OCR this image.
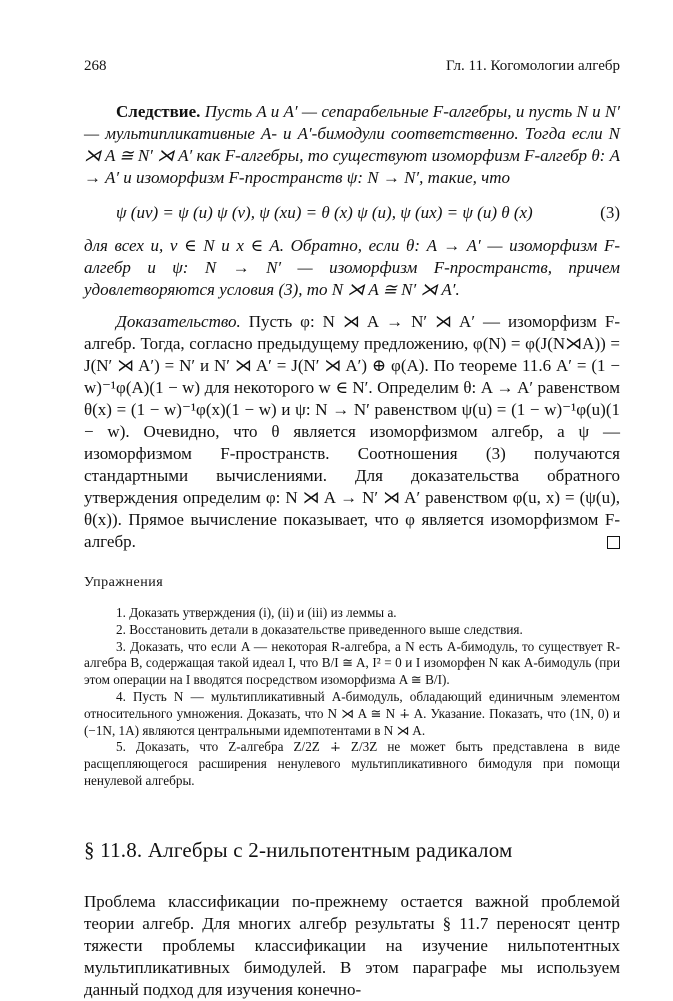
268	Гл. 11. Когомологии алгебр

Следствие. Пусть A и A′ — сепарабельные F-алгебры, и пусть N и N′ — мультипликативные A- и A′-бимодули соответственно. Тогда если N ⋊ A ≅ N′ ⋊ A′ как F-алгебры, то существуют изоморфизм F-алгебр θ: A → A′ и изоморфизм F-пространств ψ: N → N′, такие, что

ψ (uv) = ψ (u) ψ (v), ψ (xu) = θ (x) ψ (u), ψ (ux) = ψ (u) θ (x)	(3)

для всех u, v ∈ N и x ∈ A. Обратно, если θ: A → A′ — изоморфизм F-алгебр и ψ: N → N′ — изоморфизм F-пространств, причем удовлетворяются условия (3), то N ⋊ A ≅ N′ ⋊ A′.

Доказательство. Пусть φ: N ⋊ A → N′ ⋊ A′ — изоморфизм F-алгебр. Тогда, согласно предыдущему предложению, φ(N) = φ(J(N⋊A)) = J(N′ ⋊ A′) = N′ и N′ ⋊ A′ = J(N′ ⋊ A′) ⊕ φ(A). По теореме 11.6 A′ = (1 − w)⁻¹φ(A)(1 − w) для некоторого w ∈ N′. Определим θ: A → A′ равенством θ(x) = (1 − w)⁻¹φ(x)(1 − w) и ψ: N → N′ равенством ψ(u) = (1 − w)⁻¹φ(u)(1 − w). Очевидно, что θ является изоморфизмом алгебр, а ψ — изоморфизмом F-пространств. Соотношения (3) получаются стандартными вычислениями. Для доказательства обратного утверждения определим φ: N ⋊ A → N′ ⋊ A′ равенством φ(u, x) = (ψ(u), θ(x)). Прямое вычисление показывает, что φ является изоморфизмом F-алгебр.

Упражнения

1. Доказать утверждения (i), (ii) и (iii) из леммы а.

2. Восстановить детали в доказательстве приведенного выше следствия.

3. Доказать, что если A — некоторая R-алгебра, а N есть A-бимодуль, то существует R-алгебра B, содержащая такой идеал I, что B/I ≅ A, I² = 0 и I изоморфен N как A-бимодуль (при этом операции на I вводятся посредством изоморфизма A ≅ B/I).

4. Пусть N — мультипликативный A-бимодуль, обладающий единичным элементом относительного умножения. Доказать, что N ⋊ A ≅ N ∔ A. Указание. Показать, что (1N, 0) и (−1N, 1A) являются центральными идемпотентами в N ⋊ A.

5. Доказать, что Z-алгебра Z/2Z ∔ Z/3Z не может быть представлена в виде расщепляющегося расширения ненулевого мультипликативного бимодуля при помощи ненулевой алгебры.

§ 11.8. Алгебры с 2-нильпотентным радикалом

Проблема классификации по-прежнему остается важной проблемой теории алгебр. Для многих алгебр результаты § 11.7 переносят центр тяжести проблемы классификации на изучение нильпотентных мультипликативных бимодулей. В этом параграфе мы используем данный подход для изучения конечно-
